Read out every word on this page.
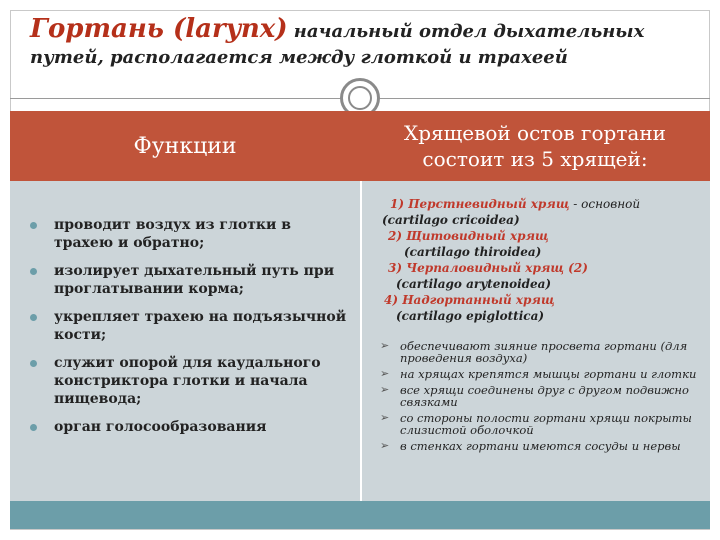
Гортань (larynx) начальный отдел дыхательных
путей, располагается между глоткой и трахеей
Функции
Хрящевой остов гортани
состоит из 5 хрящей:
проводит воздух из глотки в трахею и обратно;
изолирует дыхательный путь при проглатывании корма;
укрепляет трахею на подъязычной кости;
служит опорой для каудального констриктора глотки и начала пищевода;
орган голосообразования
1) Перстневидный хрящ - основной
(cartilago cricoidea)
2) Щитовидный хрящ
(cartilago thiroidea)
3) Черпаловидный хрящ (2)
(cartilago arytenoidea)
4) Надгортанный хрящ
(cartilago epiglottica)
➢ обеспечивают зияние просвета гортани (для проведения воздуха)
➢ на хрящах крепятся мышцы гортани и глотки
➢ все хрящи соединены друг с другом подвижно связками
➢ со стороны полости гортани хрящи покрыты слизистой оболочкой
➢ в стенках гортани имеются сосуды и нервы
